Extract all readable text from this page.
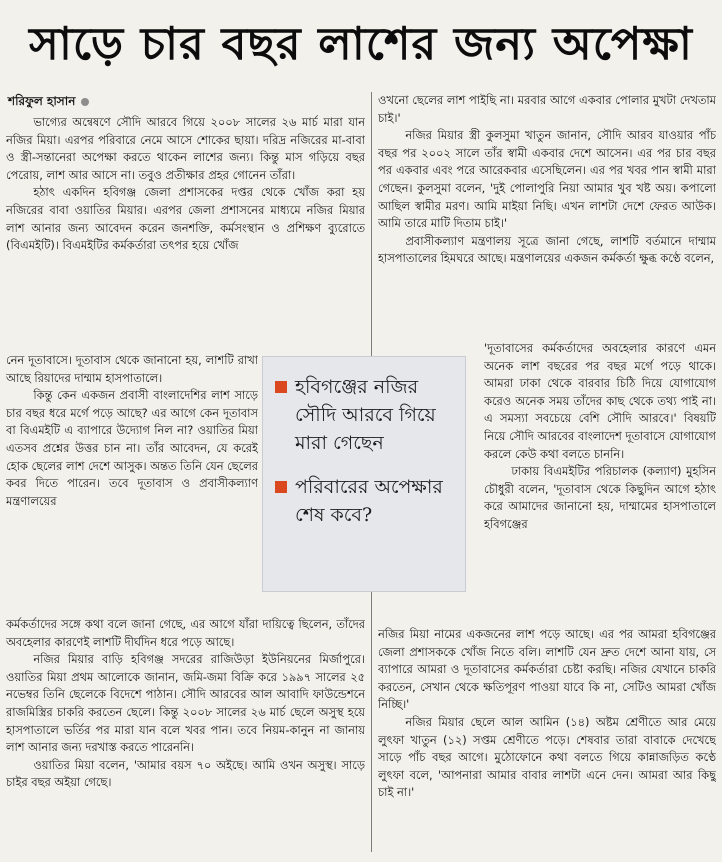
সাড়ে চার বছর লাশের জন্য অপেক্ষা
শরিফুল হাসান

ভাগ্যের অন্বেষণে সৌদি আরবে গিয়ে ২০০৮ সালের ২৬ মার্চ মারা যান নজির মিয়া। এরপর পরিবারে নেমে আসে শোকের ছায়া। দরিদ্র নজিরের মা-বাবা ও স্ত্রী-সন্তানেরা অপেক্ষা করতে থাকেন লাশের জন্য। কিন্তু মাস গড়িয়ে বছর পেরোয়, লাশ আর আসে না। তবুও প্রতীক্ষার প্রহর গোনেন তাঁরা।

হঠাৎ একদিন হবিগঞ্জ জেলা প্রশাসকের দপ্তর থেকে খোঁজ করা হয় নজিরের বাবা ওয়াতির মিয়ার। এরপর জেলা প্রশাসনের মাধ্যমে নজির মিয়ার লাশ আনার জন্য আবেদন করেন জনশক্তি, কর্মসংস্থান ও প্রশিক্ষণ ব্যুরোতে (বিএমইটি)। বিএমইটির কর্মকর্তারা তৎপর হয়ে খোঁজ

নেন দূতাবাসে। দূতাবাস থেকে জানানো হয়, লাশটি রাখা আছে রিয়াদের দাম্মাম হাসপাতালে।

কিন্তু কেন একজন প্রবাসী বাংলাদেশির লাশ সাড়ে চার বছর ধরে মর্গে পড়ে আছে? এর আগে কেন দূতাবাস বা বিএমইটি এ ব্যাপারে উদ্যোগ নিল না? ওয়াতির মিয়া এতসব প্রশ্নের উত্তর চান না। তাঁর আবেদন, যে করেই হোক ছেলের লাশ দেশে আসুক। অন্তত তিনি যেন ছেলের কবর দিতে পারেন। তবে দূতাবাস ও প্রবাসীকল্যাণ মন্ত্রণালয়ের

কর্মকর্তাদের সঙ্গে কথা বলে জানা গেছে, এর আগে যাঁরা দায়িত্বে ছিলেন, তাঁদের অবহেলার কারণেই লাশটি দীর্ঘদিন ধরে পড়ে আছে।

নজির মিয়ার বাড়ি হবিগঞ্জ সদরের রাজিউড়া ইউনিয়নের মির্জাপুরে। ওয়াতির মিয়া প্রথম আলোকে জানান, জমি-জমা বিক্রি করে ১৯৯৭ সালের ২৫ নভেম্বর তিনি ছেলেকে বিদেশে পাঠান। সৌদি আরবের আল আবাদি ফাউন্ডেশনে রাজমিস্ত্রির চাকরি করতেন ছেলে। কিন্তু ২০০৮ সালের ২৬ মার্চ ছেলে অসুস্থ হয়ে হাসপাতালে ভর্তির পর মারা যান বলে খবর পান। তবে নিয়ম-কানুন না জানায় লাশ আনার জন্য দরখাস্ত করতে পারেননি।

ওয়াতির মিয়া বলেন, 'আমার বয়স ৭০ অইছে। আমি ওখন অসুস্থ। সাড়ে চাইর বছর অইয়া গেছে।

ওখনো ছেলের লাশ পাইছি না। মরবার আগে একবার পোলার মুখটা দেখতাম চাই।'

নজির মিয়ার স্ত্রী কুলসুমা খাতুন জানান, সৌদি আরব যাওয়ার পাঁচ বছর পর ২০০২ সালে তাঁর স্বামী একবার দেশে আসেন। এর পর চার বছর পর একবার এবং পরে আরেকবার এসেছিলেন। এর পর খবর পান স্বামী মারা গেছেন। কুলসুমা বলেন, 'দুই পোলাপুরি নিয়া আমার খুব খষ্ট অয়। কপালো আছিল স্বামীর মরণ। আমি মাইয়া নিছি। এখন লাশটা দেশে ফেরত আউক। আমি তারে মাটি দিতাম চাই।'

প্রবাসীকল্যাণ মন্ত্রণালয় সূত্রে জানা গেছে, লাশটি বর্তমানে দাম্মাম হাসপাতালের হিমঘরে আছে। মন্ত্রণালয়ের একজন কর্মকর্তা ক্ষুব্ধ কণ্ঠে বলেন,

'দূতাবাসের কর্মকর্তাদের অবহেলার কারণে এমন অনেক লাশ বছরের পর বছর মর্গে পড়ে থাকে। আমরা ঢাকা থেকে বারবার চিঠি দিয়ে যোগাযোগ করেও অনেক সময় তাঁদের কাছ থেকে তথ্য পাই না। এ সমস্যা সবচেয়ে বেশি সৌদি আরবে।' বিষয়টি নিয়ে সৌদি আরবের বাংলাদেশ দূতাবাসে যোগাযোগ করলে কেউ কথা বলতে চাননি।

ঢাকায় বিএমইটির পরিচালক (কল্যাণ) মুহসিন চৌধুরী বলেন, 'দূতাবাস থেকে কিছুদিন আগে হঠাৎ করে আমাদের জানানো হয়, দাম্মামের হাসপাতালে হবিগঞ্জের

নজির মিয়া নামের একজনের লাশ পড়ে আছে। এর পর আমরা হবিগঞ্জের জেলা প্রশাসককে খোঁজ নিতে বলি। লাশটি যেন দ্রুত দেশে আনা যায়, সে ব্যাপারে আমরা ও দূতাবাসের কর্মকর্তারা চেষ্টা করছি। নজির যেখানে চাকরি করতেন, সেখান থেকে ক্ষতিপূরণ পাওয়া যাবে কি না, সেটিও আমরা খোঁজ নিচ্ছি।'

নজির মিয়ার ছেলে আল আমিন (১৪) অষ্টম শ্রেণীতে আর মেয়ে লুৎফা খাতুন (১২) সপ্তম শ্রেণীতে পড়ে। শেষবার তারা বাবাকে দেখেছে সাড়ে পাঁচ বছর আগে। মুঠোফোনে কথা বলতে গিয়ে কান্নাজড়িত কণ্ঠে লুৎফা বলে, 'আপনারা আমার বাবার লাশটা এনে দেন। আমরা আর কিছু চাই না।'

হবিগঞ্জের নজির সৌদি আরবে গিয়ে মারা গেছেন
পরিবারের অপেক্ষার শেষ কবে?
